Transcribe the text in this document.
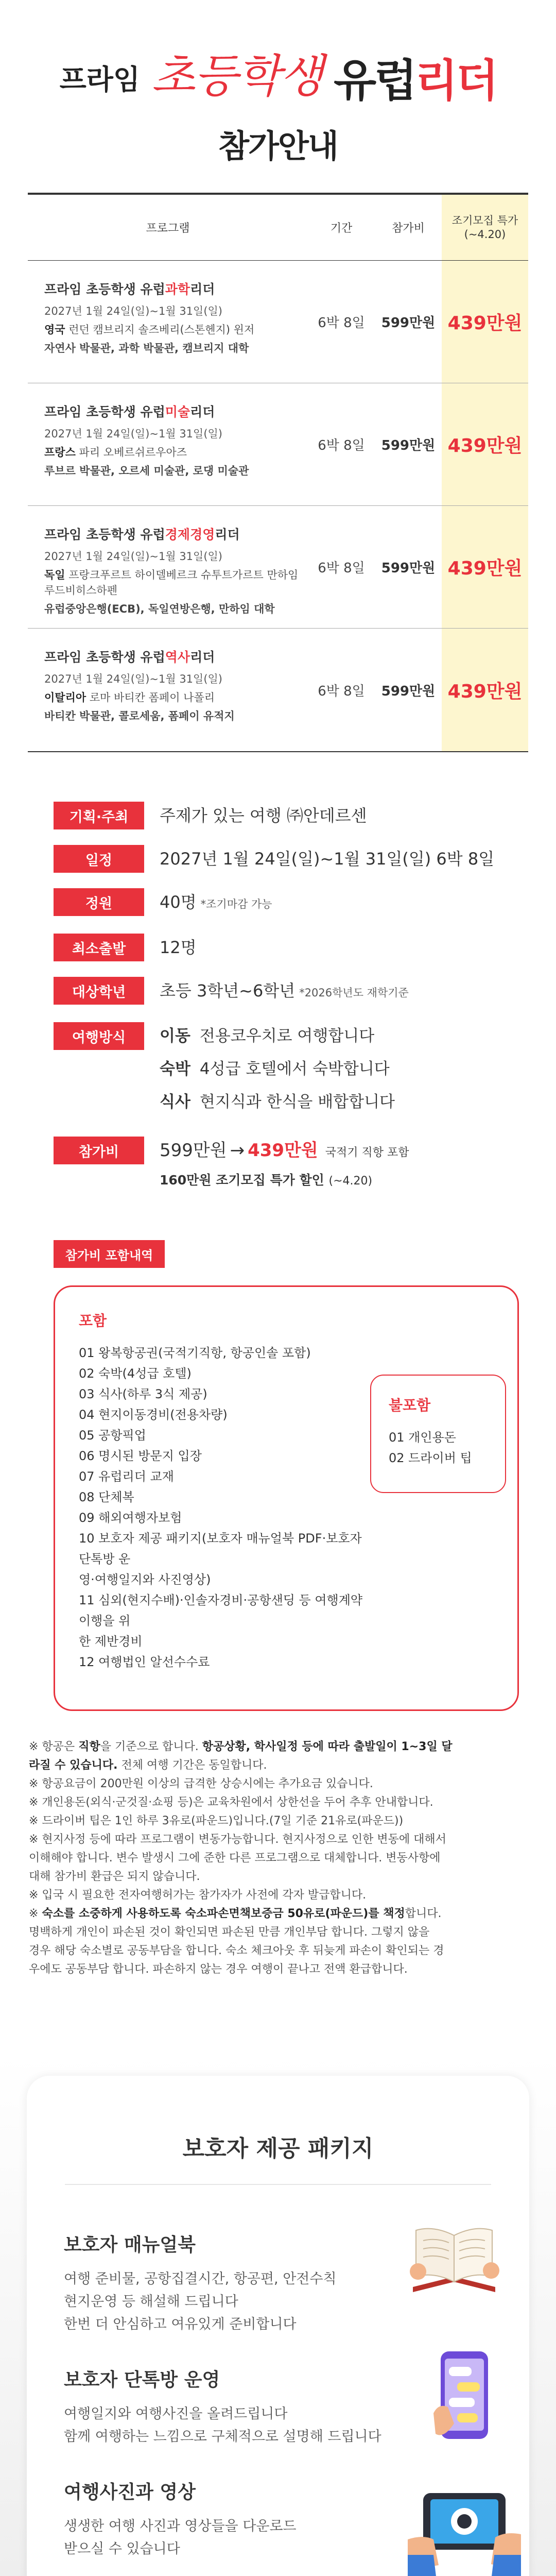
프라임 초등학생 유럽리더
참가안내
프로그램	기간	참가비
조기모집 특가 (~4.20)
프라임 초등학생 유럽과학리더
2027년 1월 24일(일)~1월 31일(일)
영국 런던 캠브리지 솔즈베리(스톤헨지) 윈저
자연사 박물관, 과학 박물관, 캠브리지 대학
6박 8일	599만원 439만원
프라임 초등학생 유럽미술리더
2027년 1월 24일(일)~1월 31일(일)
프랑스 파리 오베르쉬르우아즈
루브르 박물관, 오르세 미술관, 로댕 미술관
6박 8일	599만원 439만원
프라임 초등학생 유럽경제경영리더
2027년 1월 24일(일)~1월 31일(일)
독일 프랑크푸르트 하이델베르크 슈투트가르트 만하임 루드비히스하펜
유럽중앙은행(ECB), 독일연방은행, 만하임 대학
6박 8일	599만원 439만원
프라임 초등학생 유럽역사리더
2027년 1월 24일(일)~1월 31일(일)
이탈리아 로마 바티칸 폼페이 나폴리
바티칸 박물관, 콜로세움, 폼페이 유적지
6박 8일	599만원 439만원
기획·주최	주제가 있는 여행 ㈜안데르센
일정	2027년 1월 24일(일)~1월 31일(일) 6박 8일
정원	40명 *조기마감 가능
최소출발	12명
대상학년	초등 3학년~6학년 *2026학년도 재학기준
여행방식	이동 전용코우치로 여행합니다
숙박 4성급 호텔에서 숙박합니다
식사 현지식과 한식을 배합합니다
참가비	599만원 → 439만원 국적기 직항 포함
160만원 조기모집 특가 할인 (~4.20)
참가비 포함내역
포함
01 왕복항공권(국적기직항, 항공인솔 포함)
02 숙박(4성급 호텔)
03 식사(하루 3식 제공)
04 현지이동경비(전용차량)
05 공항픽업
06 명시된 방문지 입장
07 유럽리더 교재
08 단체복
09 해외여행자보험
10 보호자 제공 패키지(보호자 매뉴얼북 PDF·보호자 단톡방 운
영·여행일지와 사진영상)
11 심외(현지수배)·인솔자경비·공항샌딩 등 여행계약 이행을 위
한 제반경비
12 여행법인 알선수수료
불포함
01 개인용돈
02 드라이버 팁
※ 항공은 직항을 기준으로 합니다. 항공상황, 학사일정 등에 따라 출발일이 1~3일 달
라질 수 있습니다. 전체 여행 기간은 동일합니다.
※ 항공요금이 200만원 이상의 급격한 상승시에는 추가요금 있습니다.
※ 개인용돈(외식·군것질·쇼핑 등)은 교육차원에서 상한선을 두어 추후 안내합니다.
※ 드라이버 팁은 1인 하루 3유로(파운드)입니다.(7일 기준 21유로(파운드))
※ 현지사정 등에 따라 프로그램이 변동가능합니다. 현지사정으로 인한 변동에 대해서
이해해야 합니다. 변수 발생시 그에 준한 다른 프로그램으로 대체합니다. 변동사항에
대해 참가비 환급은 되지 않습니다.
※ 입국 시 필요한 전자여행허가는 참가자가 사전에 각자 발급합니다.
※ 숙소를 소중하게 사용하도록 숙소파손면책보증금 50유로(파운드)를 책정합니다.
명백하게 개인이 파손된 것이 확인되면 파손된 만큼 개인부담 합니다. 그렇지 않을
경우 해당 숙소별로 공동부담을 합니다. 숙소 체크아웃 후 뒤늦게 파손이 확인되는 경
우에도 공동부담 합니다. 파손하지 않는 경우 여행이 끝나고 전액 환급합니다.
보호자 제공 패키지
보호자 매뉴얼북
여행 준비물, 공항집결시간, 항공편, 안전수칙
현지운영 등 해설해 드립니다
한번 더 안심하고 여유있게 준비합니다
보호자 단톡방 운영
여행일지와 여행사진을 올려드립니다
함께 여행하는 느낌으로 구체적으로 설명해 드립니다
여행사진과 영상
생생한 여행 사진과 영상들을 다운로드
받으실 수 있습니다
